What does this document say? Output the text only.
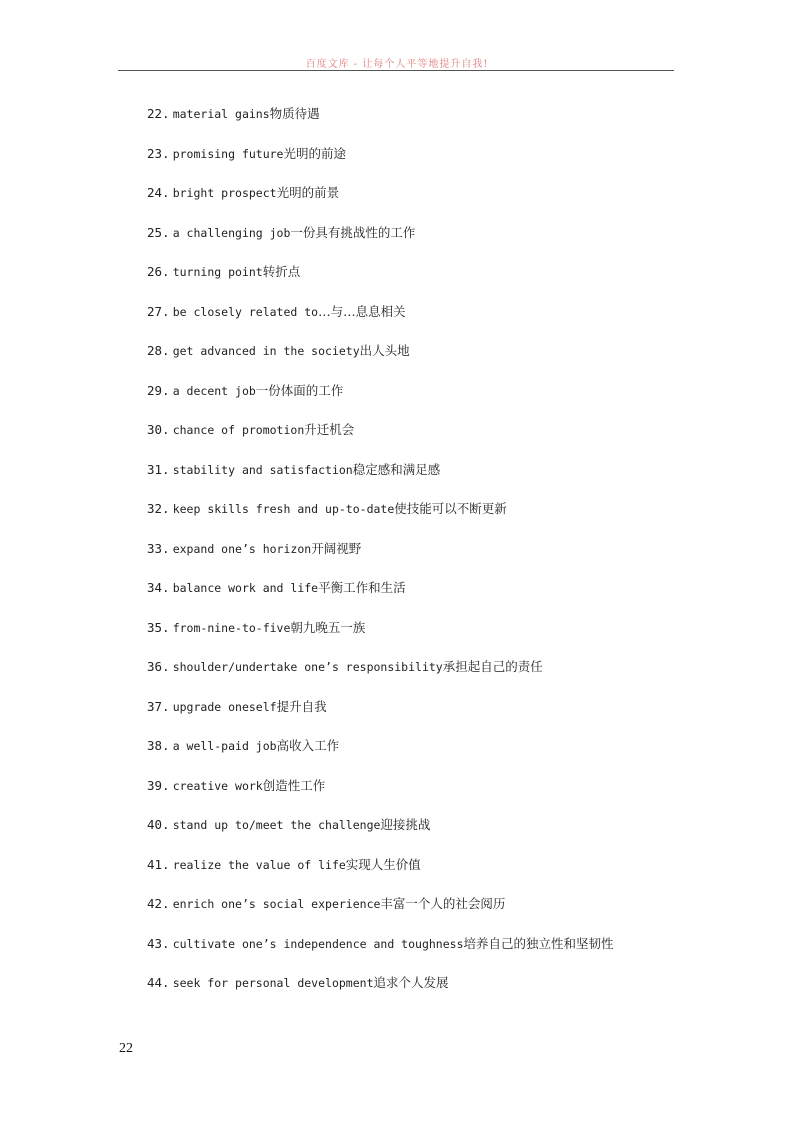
百度文库 - 让每个人平等地提升自我!
22. material gains物质待遇
23. promising future光明的前途
24. bright prospect光明的前景
25. a challenging job一份具有挑战性的工作
26. turning point转折点
27. be closely related to…与…息息相关
28. get advanced in the society出人头地
29. a decent job一份体面的工作
30. chance of promotion升迁机会
31. stability and satisfaction稳定感和满足感
32. keep skills fresh and up-to-date使技能可以不断更新
33. expand one’s horizon开阔视野
34. balance work and life平衡工作和生活
35. from-nine-to-five朝九晚五一族
36. shoulder/undertake one’s responsibility承担起自己的责任
37. upgrade oneself提升自我
38. a well-paid job高收入工作
39. creative work创造性工作
40. stand up to/meet the challenge迎接挑战
41. realize the value of life实现人生价值
42. enrich one’s social experience丰富一个人的社会阅历
43. cultivate one’s independence and toughness培养自己的独立性和坚韧性
44. seek for personal development追求个人发展
22
